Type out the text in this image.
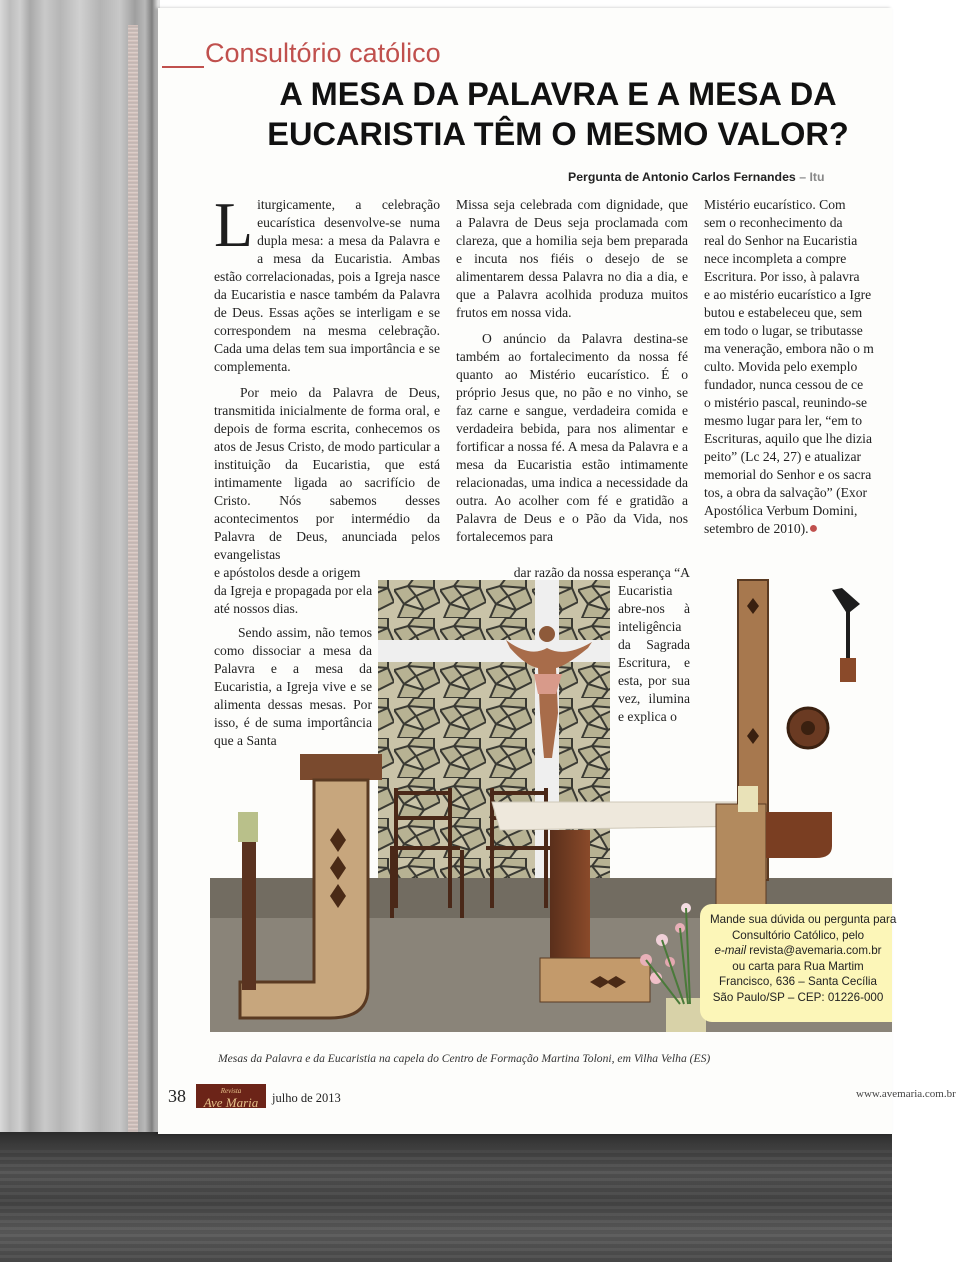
Consultório católico
A MESA DA PALAVRA E A MESA DA
EUCARISTIA TÊM O MESMO VALOR?
Pergunta de Antonio Carlos Fernandes – Itu

Liturgicamente, a celebração eucarística desenvolve-se numa dupla mesa: a mesa da Palavra e a mesa da Eucaristia. Ambas estão correlacionadas, pois a Igreja nasce da Eucaristia e nasce também da Palavra de Deus. Essas ações se interligam e se correspondem na mesma celebração. Cada uma delas tem sua importância e se complementa.

Por meio da Palavra de Deus, transmitida inicialmente de forma oral, e depois de forma escrita, conhecemos os atos de Jesus Cristo, de modo particular a instituição da Eucaristia, que está intimamente ligada ao sacrifício de Cristo. Nós sabemos desses acontecimentos por intermédio da Palavra de Deus, anunciada pelos evangelistas

e apóstolos desde a origem da Igreja e propagada por ela até nossos dias.
Sendo assim, não temos como dissociar a mesa da Palavra e a mesa da Eucaristia, a Igreja vive e se alimenta dessas mesas. Por isso, é de suma importância que a Santa

Missa seja celebrada com dignidade, que a Palavra de Deus seja proclamada com clareza, que a homilia seja bem preparada e incuta nos fiéis o desejo de se alimentarem dessa Palavra no dia a dia, e que a Palavra acolhida produza muitos frutos em nossa vida.

O anúncio da Palavra destina-se também ao fortalecimento da nossa fé quanto ao Mistério eucarístico. É o próprio Jesus que, no pão e no vinho, se faz carne e sangue, verdadeira comida e verdadeira bebida, para nos alimentar e fortificar a nossa fé. A mesa da Palavra e a mesa da Eucaristia estão intimamente relacionadas, uma indica a necessidade da outra. Ao acolher com fé e gratidão a Palavra de Deus e o Pão da Vida, nos fortalecemos para

dar razão da nossa esperança “A
Eucaristia abre-nos à inteligência da Sagrada Escritura, e esta, por sua vez, ilumina e explica o
Mistério eucarístico. Com
sem o reconhecimento da
real do Senhor na Eucaristia
nece incompleta a compre
Escritura. Por isso, à palavra
e ao mistério eucarístico a Igre
butou e estabeleceu que, sem
em todo o lugar, se tributasse
ma veneração, embora não o m
culto. Movida pelo exemplo
fundador, nunca cessou de ce
o mistério pascal, reunindo-se
mesmo lugar para ler, “em to
Escrituras, aquilo que lhe dizia
peito” (Lc 24, 27) e atualizar
memorial do Senhor e os sacra
tos, a obra da salvação” (Exor
Apostólica Verbum Domini,
setembro de 2010).●
Mande sua dúvida ou pergunta para
Consultório Católico, pelo
e-mail revista@avemaria.com.br
ou carta para Rua Martim
Francisco, 636 – Santa Cecília
São Paulo/SP – CEP: 01226-000
Mesas da Palavra e da Eucaristia na capela do Centro de Formação Martina Toloni, em Vilha Velha (ES)
38	Revista
Ave Maria	julho de 2013	www.avemaria.com.br
